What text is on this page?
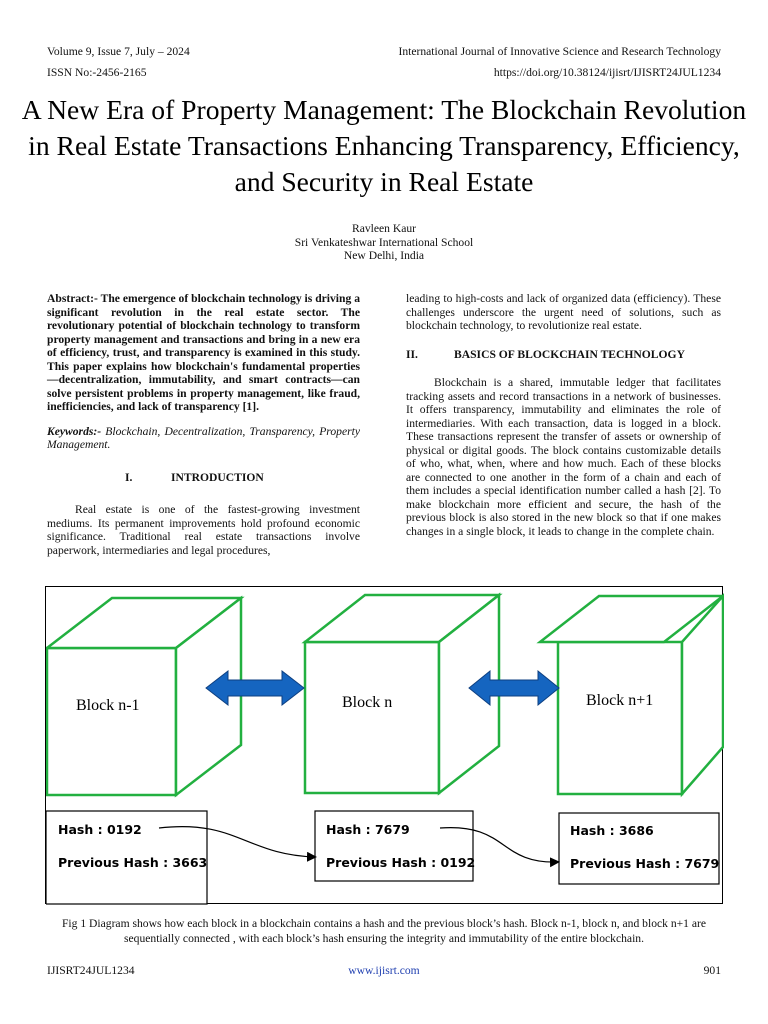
Volume 9, Issue 7, July – 2024	International Journal of Innovative Science and Research Technology
ISSN No:-2456-2165	https://doi.org/10.38124/ijisrt/IJISRT24JUL1234
A New Era of Property Management: The Blockchain Revolution in Real Estate Transactions Enhancing Transparency, Efficiency, and Security in Real Estate
Ravleen Kaur
Sri Venkateshwar International School
New Delhi, India

Abstract:- The emergence of blockchain technology is driving a significant revolution in the real estate sector. The revolutionary potential of blockchain technology to transform property management and transactions and bring in a new era of efficiency, trust, and transparency is examined in this study. This paper explains how blockchain's fundamental properties—decentralization, immutability, and smart contracts—can solve persistent problems in property management, like fraud, inefficiencies, and lack of transparency [1].

Keywords:- Blockchain, Decentralization, Transparency, Property Management.

I.	INTRODUCTION

Real estate is one of the fastest-growing investment mediums. Its permanent improvements hold profound economic significance. Traditional real estate transactions involve paperwork, intermediaries and legal procedures,

leading to high-costs and lack of organized data (efficiency). These challenges underscore the urgent need of solutions, such as blockchain technology, to revolutionize real estate.

II.	BASICS OF BLOCKCHAIN TECHNOLOGY

Blockchain is a shared, immutable ledger that facilitates tracking assets and record transactions in a network of businesses. It offers transparency, immutability and eliminates the role of intermediaries. With each transaction, data is logged in a block. These transactions represent the transfer of assets or ownership of physical or digital goods. The block contains customizable details of who, what, when, where and how much. Each of these blocks are connected to one another in the form of a chain and each of them includes a special identification number called a hash [2]. To make blockchain more efficient and secure, the hash of the previous block is also stored in the new block so that if one makes changes in a single block, it leads to change in the complete chain.

Block n-1	Block n	Block n+1
Hash : 0192
Previous Hash : 3663
Hash : 7679
Previous Hash : 0192
Hash : 3686
Previous Hash : 7679
Fig 1 Diagram shows how each block in a blockchain contains a hash and the previous block’s hash. Block n-1, block n, and block n+1 are sequentially connected , with each block’s hash ensuring the integrity and immutability of the entire blockchain.
IJISRT24JUL1234	www.ijisrt.com	901
